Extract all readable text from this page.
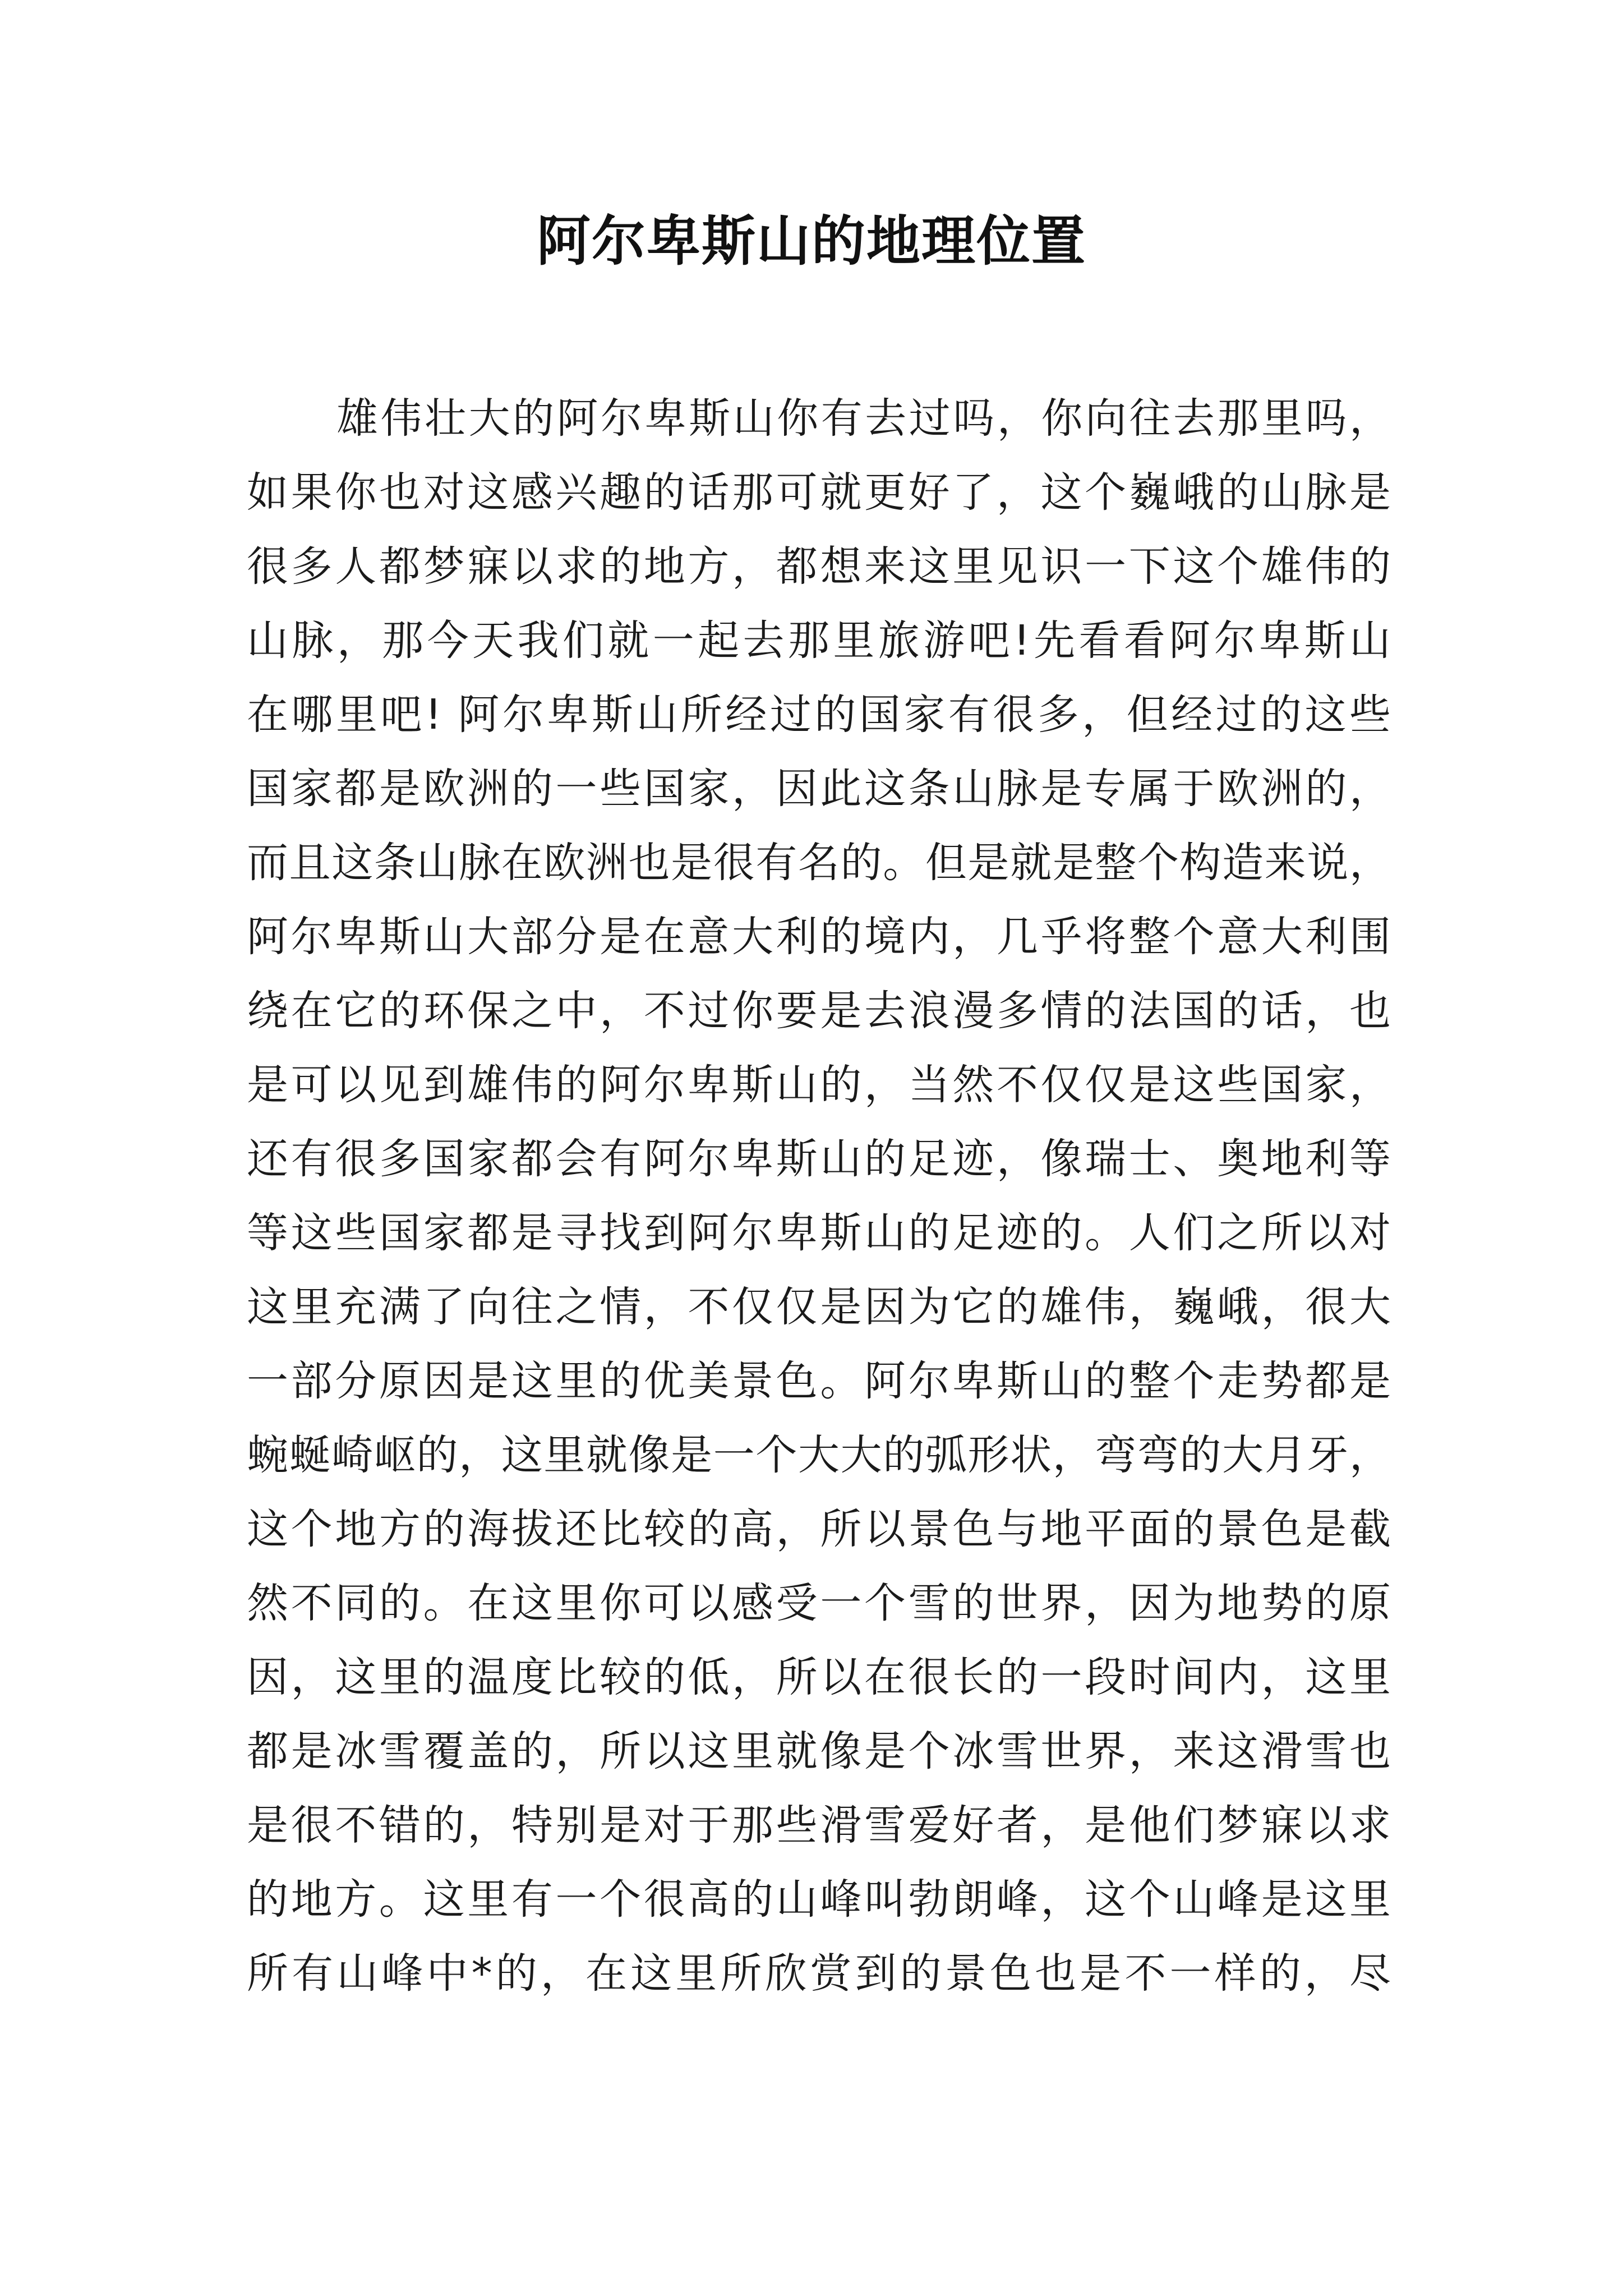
阿尔卑斯山的地理位置
雄伟壮大的阿尔卑斯山你有去过吗，你向往去那里吗，
如果你也对这感兴趣的话那可就更好了，这个巍峨的山脉是
很多人都梦寐以求的地方，都想来这里见识一下这个雄伟的
山脉，那今天我们就一起去那里旅游吧!先看看阿尔卑斯山
在哪里吧! 阿尔卑斯山所经过的国家有很多，但经过的这些
国家都是欧洲的一些国家，因此这条山脉是专属于欧洲的，
而且这条山脉在欧洲也是很有名的。但是就是整个构造来说，
阿尔卑斯山大部分是在意大利的境内，几乎将整个意大利围
绕在它的环保之中，不过你要是去浪漫多情的法国的话，也
是可以见到雄伟的阿尔卑斯山的，当然不仅仅是这些国家，
还有很多国家都会有阿尔卑斯山的足迹，像瑞士、奥地利等
等这些国家都是寻找到阿尔卑斯山的足迹的。人们之所以对
这里充满了向往之情，不仅仅是因为它的雄伟，巍峨，很大
一部分原因是这里的优美景色。阿尔卑斯山的整个走势都是
蜿蜒崎岖的，这里就像是一个大大的弧形状，弯弯的大月牙，
这个地方的海拔还比较的高，所以景色与地平面的景色是截
然不同的。在这里你可以感受一个雪的世界，因为地势的原
因，这里的温度比较的低，所以在很长的一段时间内，这里
都是冰雪覆盖的，所以这里就像是个冰雪世界，来这滑雪也
是很不错的，特别是对于那些滑雪爱好者，是他们梦寐以求
的地方。这里有一个很高的山峰叫勃朗峰，这个山峰是这里
所有山峰中*的，在这里所欣赏到的景色也是不一样的，尽
